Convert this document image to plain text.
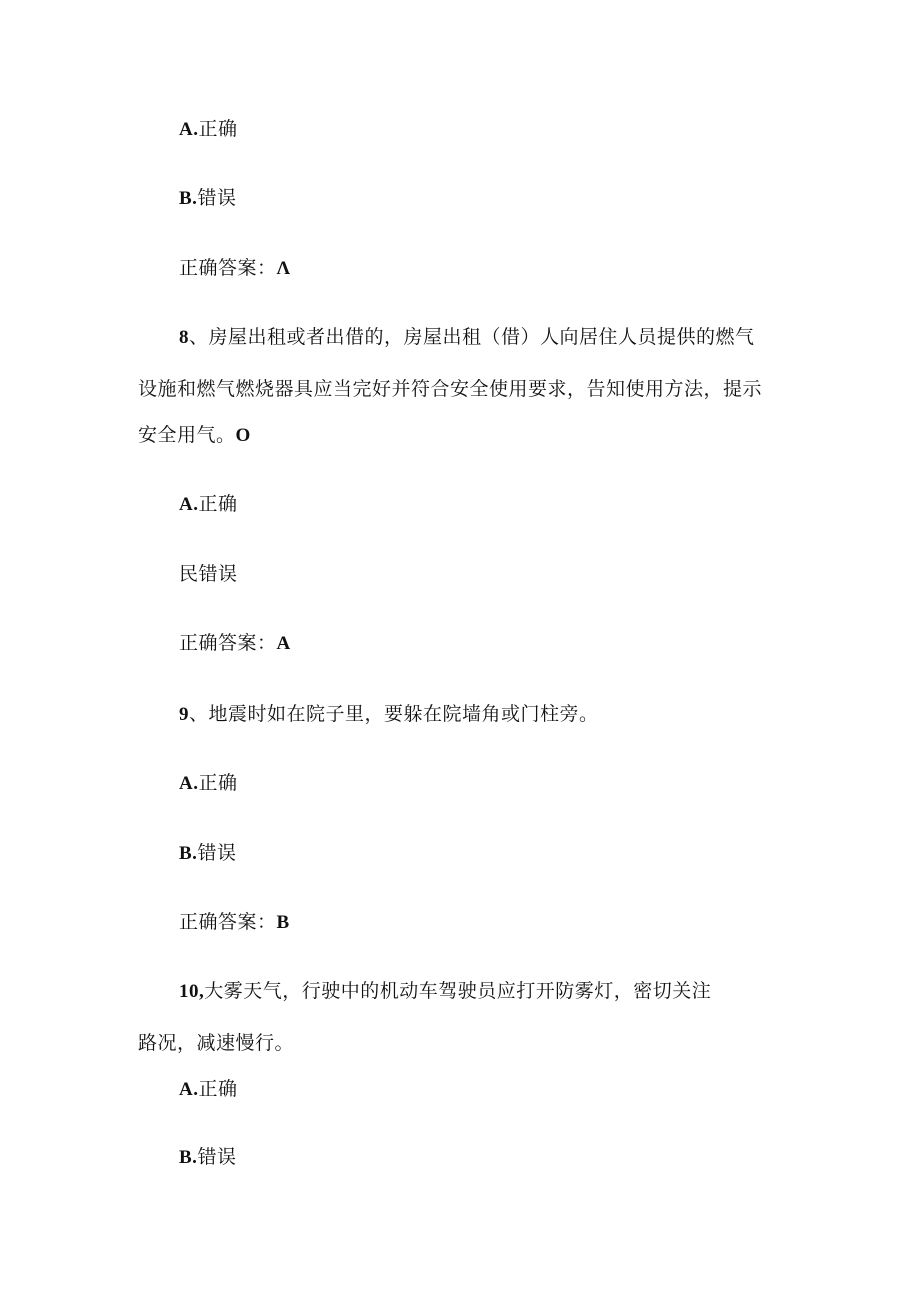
A.正确
B.错误
正确答案：Λ
8、房屋出租或者出借的，房屋出租（借）人向居住人员提供的燃气
设施和燃气燃烧器具应当完好并符合安全使用要求，告知使用方法，提示
安全用气。O
A.正确
民错误
正确答案：A
9、地震时如在院子里，要躲在院墙角或门柱旁。
A.正确
B.错误
正确答案：B
10,大雾天气，行驶中的机动车驾驶员应打开防雾灯，密切关注
路况，减速慢行。
A.正确
B.错误
